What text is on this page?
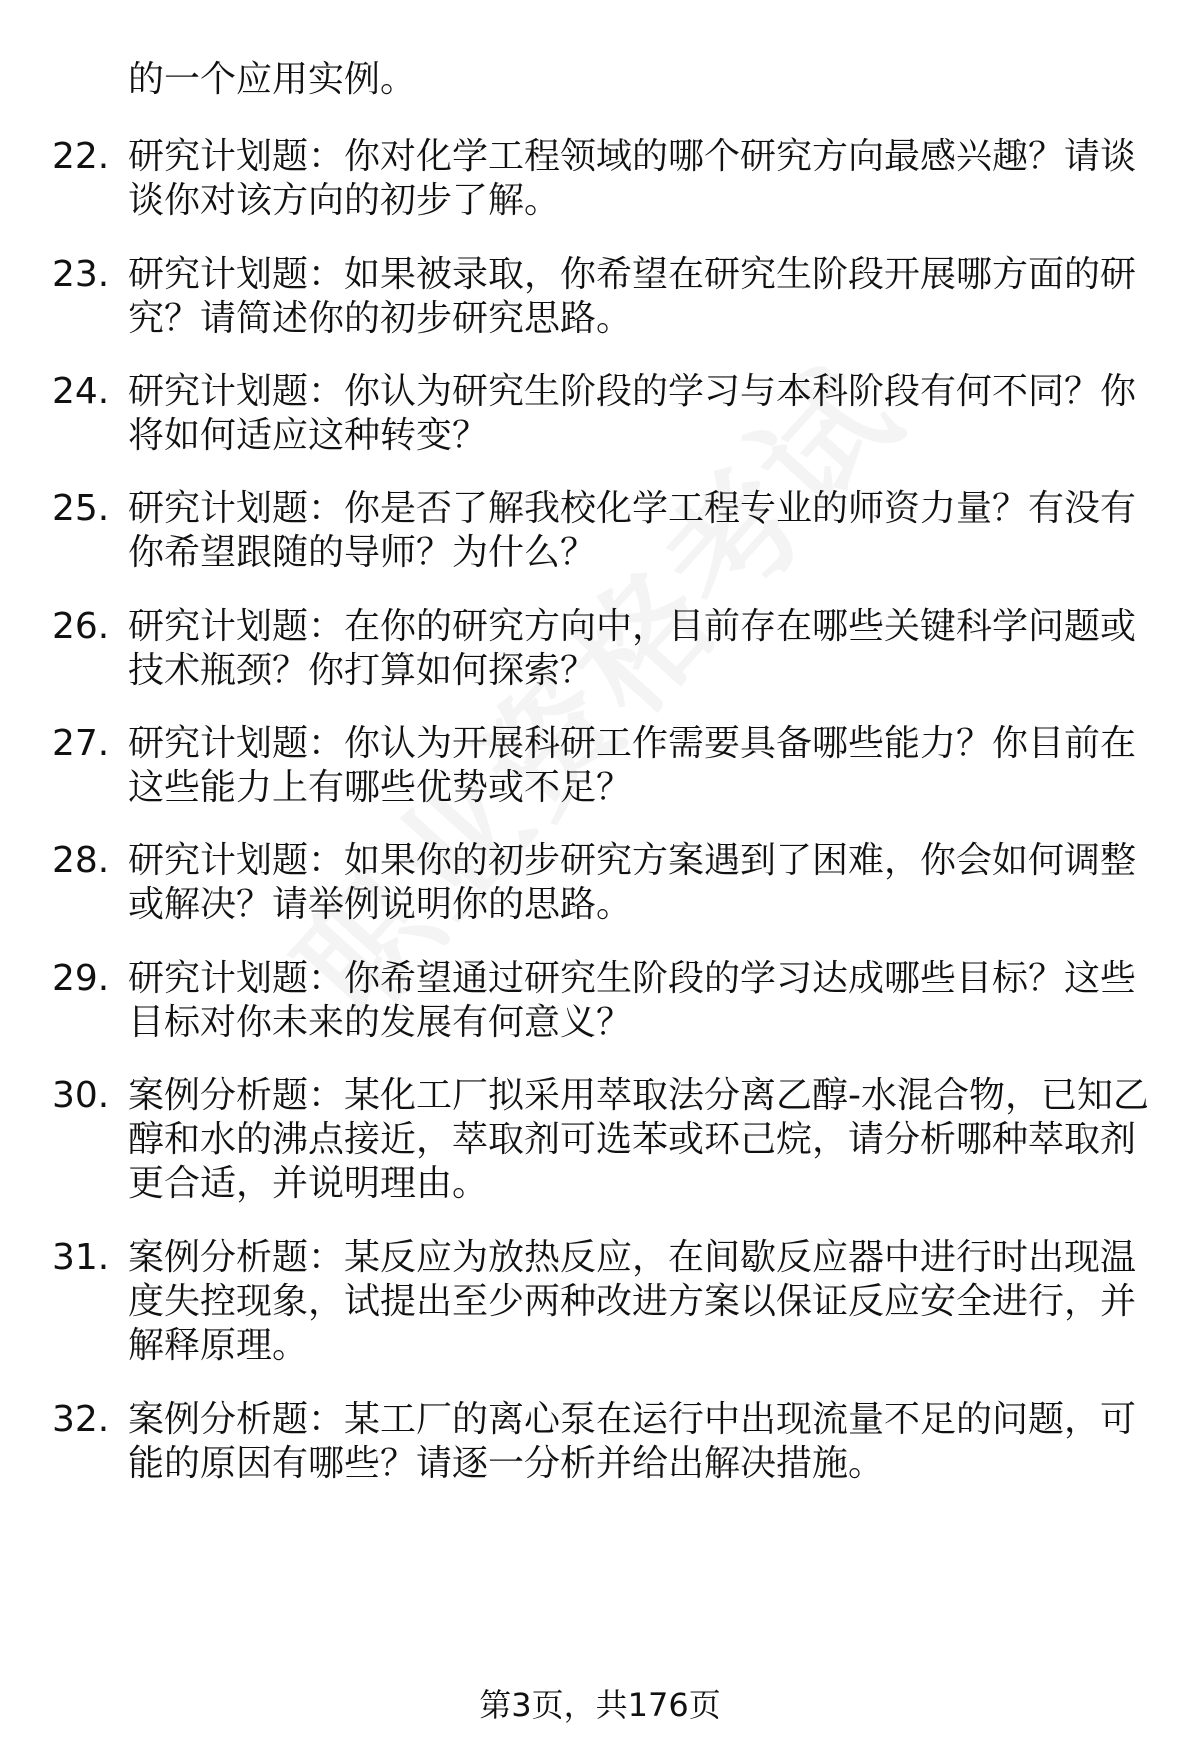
的一个应用实例。
22. 研究计划题：你对化学工程领域的哪个研究方向最感兴趣？请谈
谈你对该方向的初步了解。
23. 研究计划题：如果被录取，你希望在研究生阶段开展哪方面的研
究？请简述你的初步研究思路。
24. 研究计划题：你认为研究生阶段的学习与本科阶段有何不同？你
将如何适应这种转变？
25. 研究计划题：你是否了解我校化学工程专业的师资力量？有没有
你希望跟随的导师？为什么？
26. 研究计划题：在你的研究方向中，目前存在哪些关键科学问题或
技术瓶颈？你打算如何探索？
27. 研究计划题：你认为开展科研工作需要具备哪些能力？你目前在
这些能力上有哪些优势或不足？
28. 研究计划题：如果你的初步研究方案遇到了困难，你会如何调整
或解决？请举例说明你的思路。
29. 研究计划题：你希望通过研究生阶段的学习达成哪些目标？这些
目标对你未来的发展有何意义？
30. 案例分析题：某化工厂拟采用萃取法分离乙醇-水混合物，已知乙
醇和水的沸点接近，萃取剂可选苯或环己烷，请分析哪种萃取剂
更合适，并说明理由。
31. 案例分析题：某反应为放热反应，在间歇反应器中进行时出现温
度失控现象，试提出至少两种改进方案以保证反应安全进行，并
解释原理。
32. 案例分析题：某工厂的离心泵在运行中出现流量不足的问题，可
能的原因有哪些？请逐一分析并给出解决措施。
第3页，共176页
